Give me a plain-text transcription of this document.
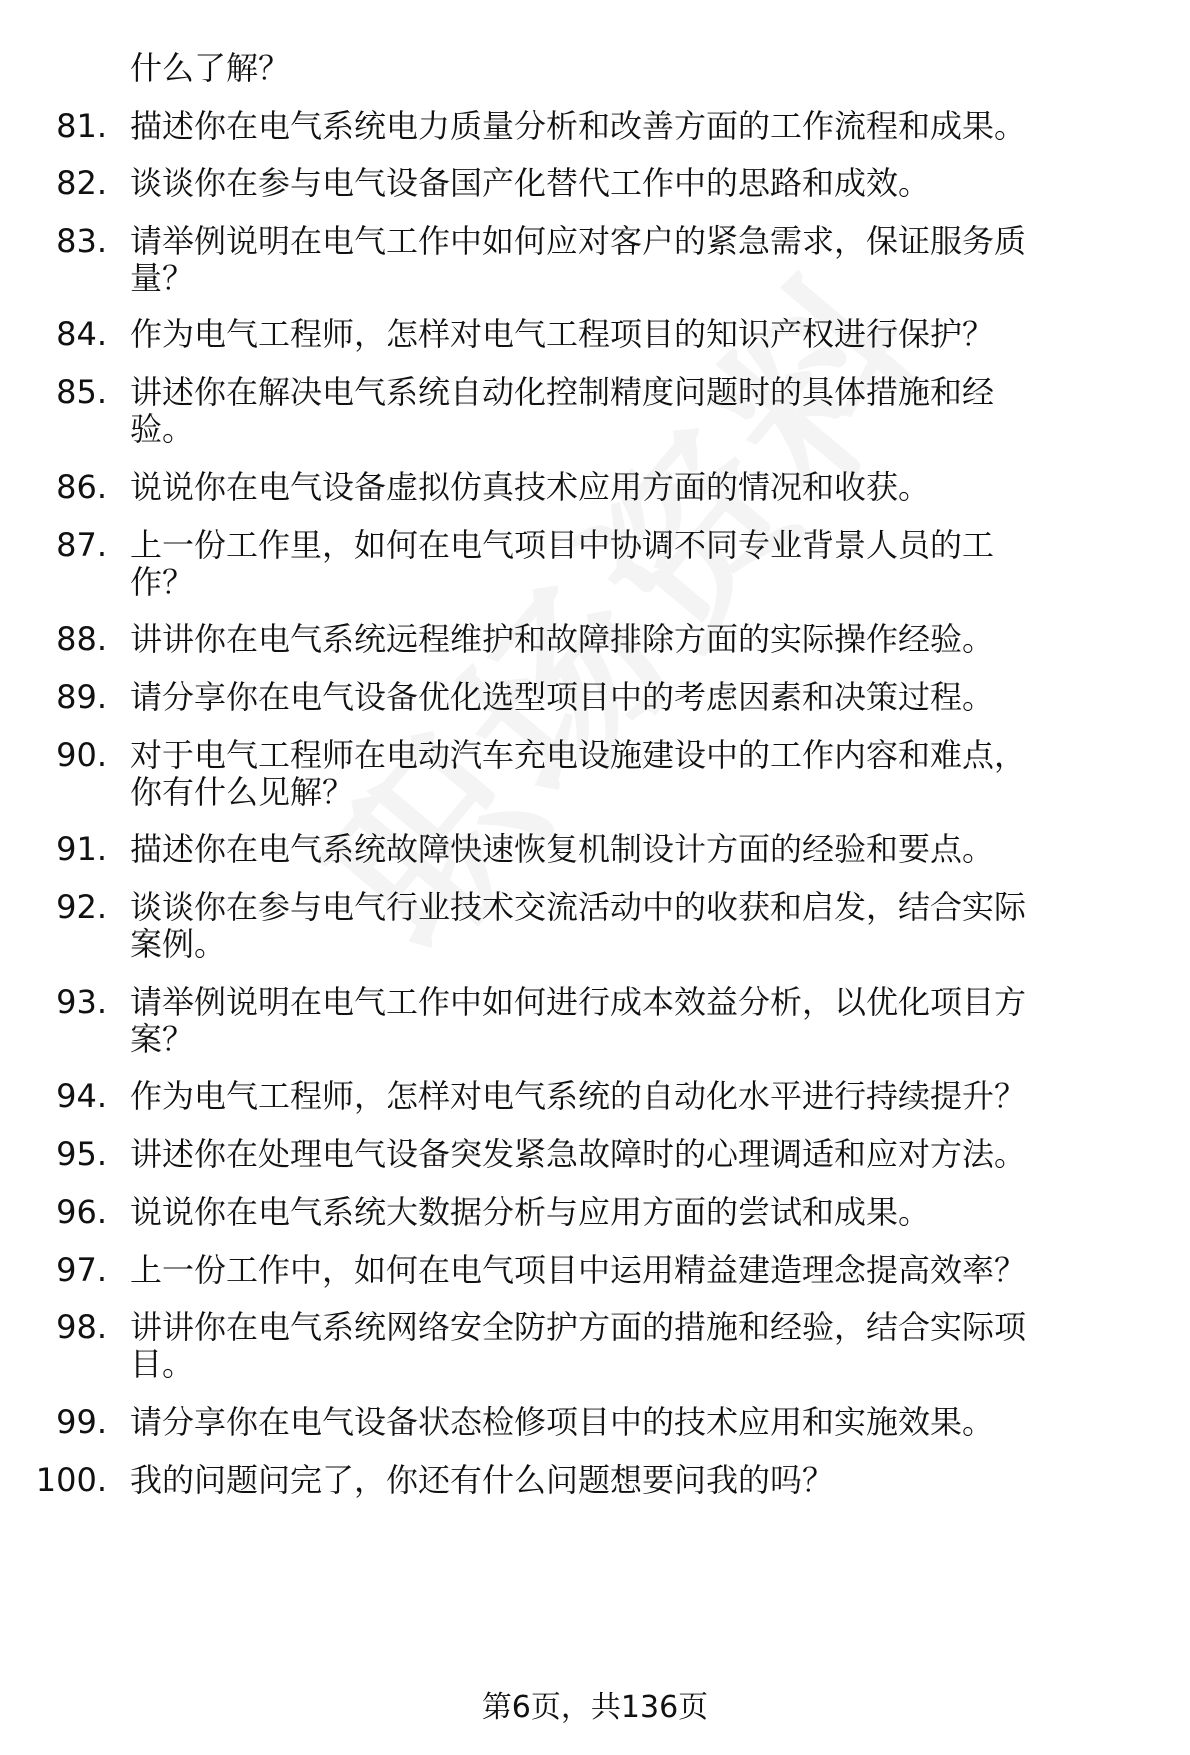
什么了解？
81. 描述你在电气系统电力质量分析和改善方面的工作流程和成果。
82. 谈谈你在参与电气设备国产化替代工作中的思路和成效。
83. 请举例说明在电气工作中如何应对客户的紧急需求，保证服务质
量？
84. 作为电气工程师，怎样对电气工程项目的知识产权进行保护？
85. 讲述你在解决电气系统自动化控制精度问题时的具体措施和经
验。
86. 说说你在电气设备虚拟仿真技术应用方面的情况和收获。
87. 上一份工作里，如何在电气项目中协调不同专业背景人员的工
作？
88. 讲讲你在电气系统远程维护和故障排除方面的实际操作经验。
89. 请分享你在电气设备优化选型项目中的考虑因素和决策过程。
90. 对于电气工程师在电动汽车充电设施建设中的工作内容和难点，
你有什么见解？
91. 描述你在电气系统故障快速恢复机制设计方面的经验和要点。
92. 谈谈你在参与电气行业技术交流活动中的收获和启发，结合实际
案例。
93. 请举例说明在电气工作中如何进行成本效益分析，以优化项目方
案？
94. 作为电气工程师，怎样对电气系统的自动化水平进行持续提升？
95. 讲述你在处理电气设备突发紧急故障时的心理调适和应对方法。
96. 说说你在电气系统大数据分析与应用方面的尝试和成果。
97. 上一份工作中，如何在电气项目中运用精益建造理念提高效率？
98. 讲讲你在电气系统网络安全防护方面的措施和经验，结合实际项
目。
99. 请分享你在电气设备状态检修项目中的技术应用和实施效果。
100. 我的问题问完了，你还有什么问题想要问我的吗？
第6页，共136页
